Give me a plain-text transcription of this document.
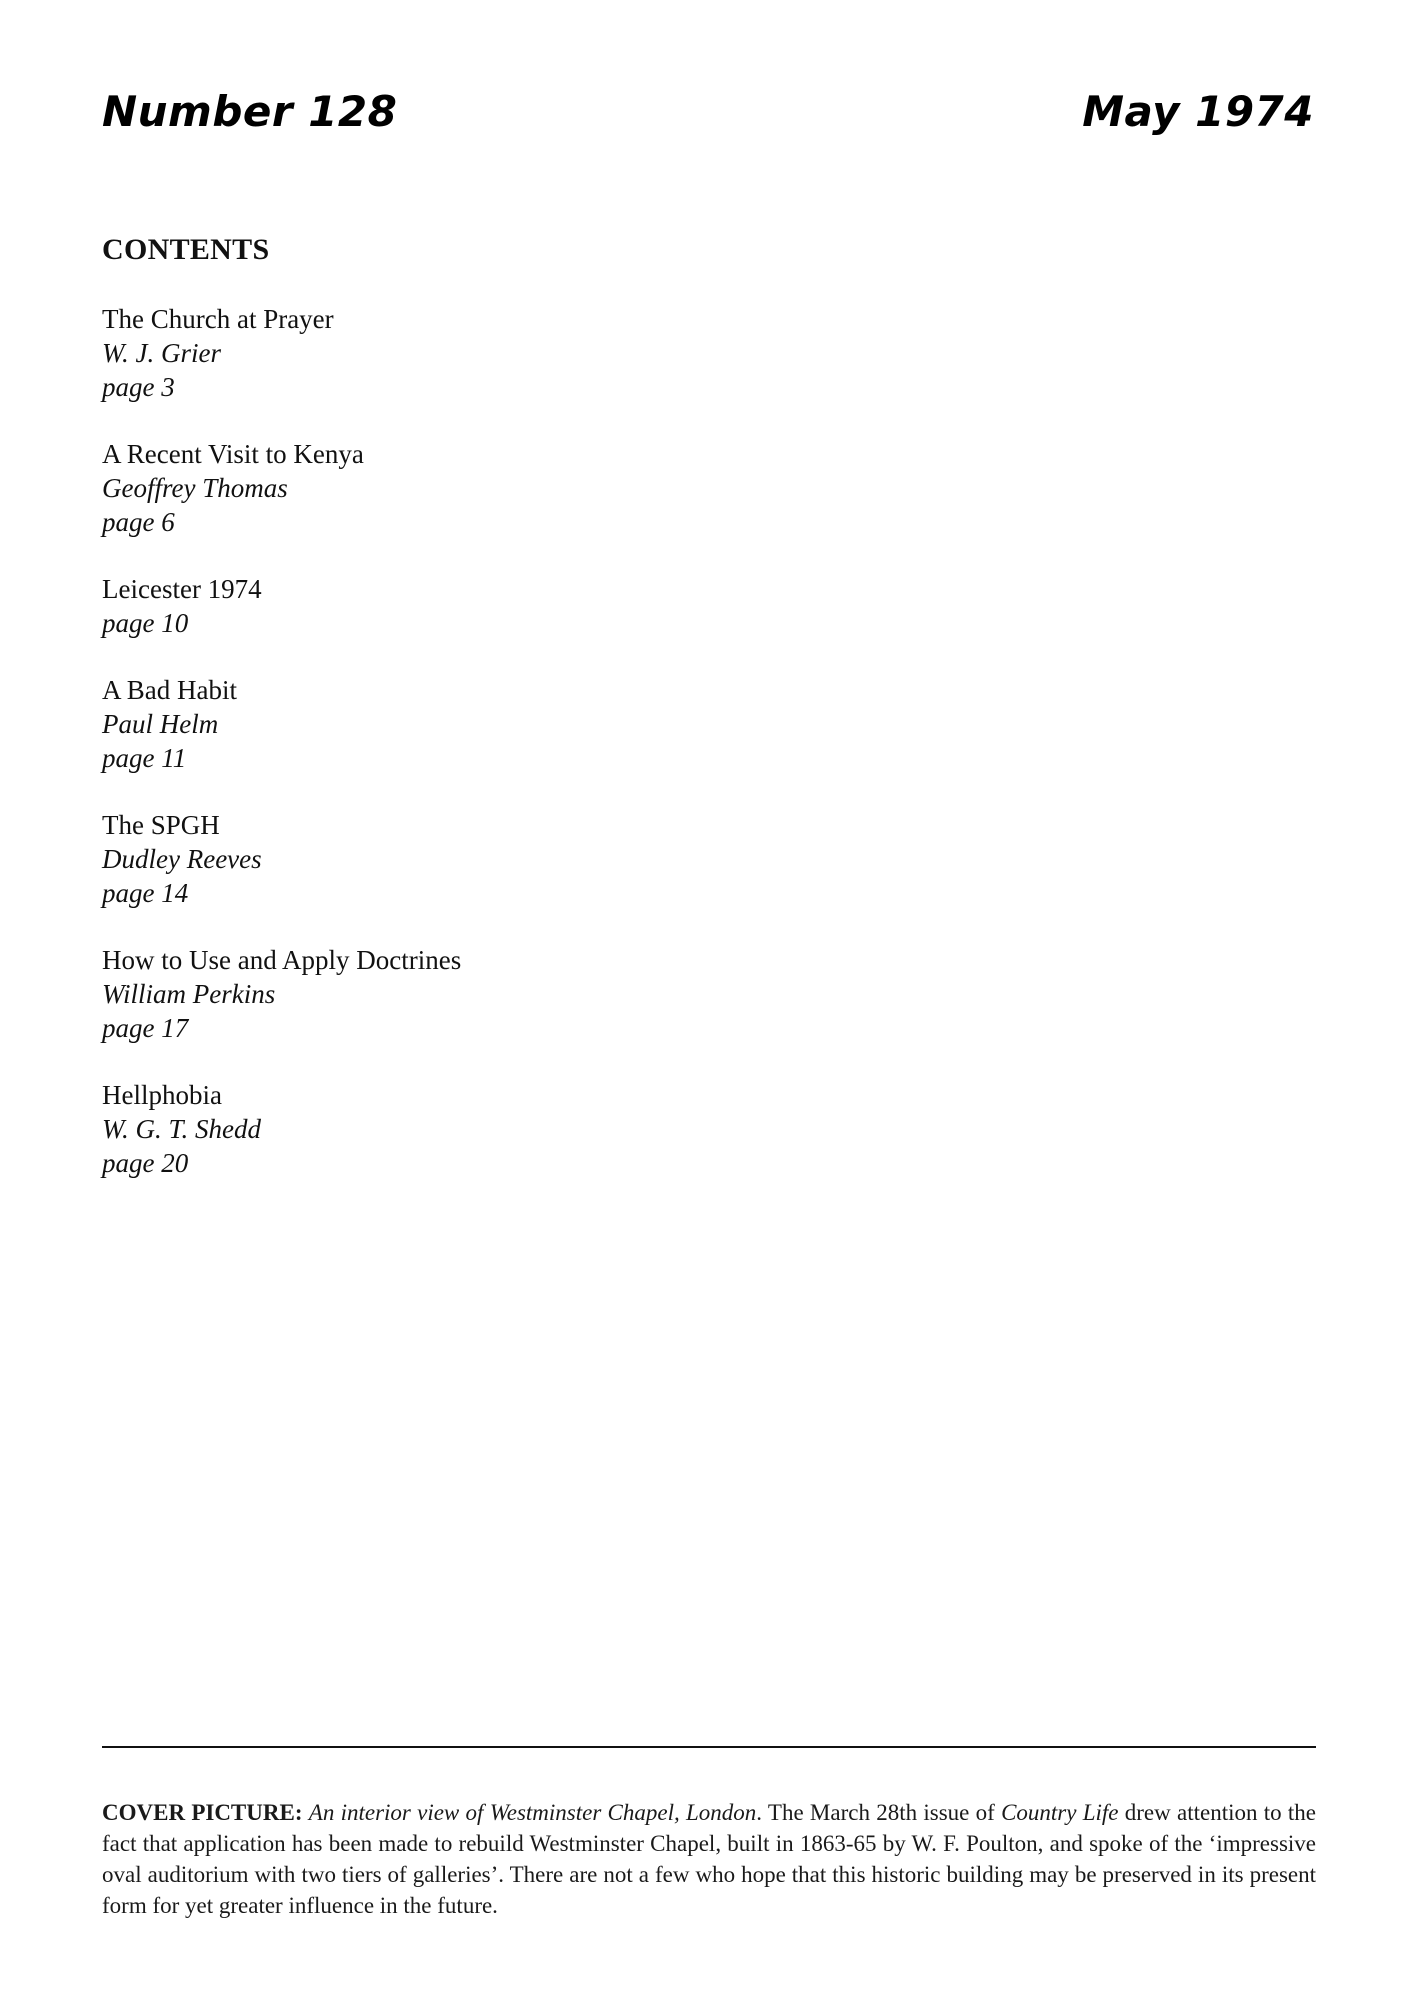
Number 128	May 1974
CONTENTS
The Church at Prayer
W. J. Grier
page 3
A Recent Visit to Kenya
Geoffrey Thomas
page 6
Leicester 1974
page 10
A Bad Habit
Paul Helm
page 11
The SPGH
Dudley Reeves
page 14
How to Use and Apply Doctrines
William Perkins
page 17
Hellphobia
W. G. T. Shedd
page 20

COVER PICTURE: An interior view of Westminster Chapel, London. The March 28th issue of Country Life drew attention to the fact that application has been made to rebuild Westminster Chapel, built in 1863-65 by W. F. Poulton, and spoke of the ‘impressive oval auditorium with two tiers of galleries’. There are not a few who hope that this historic building may be preserved in its present form for yet greater influence in the future.
